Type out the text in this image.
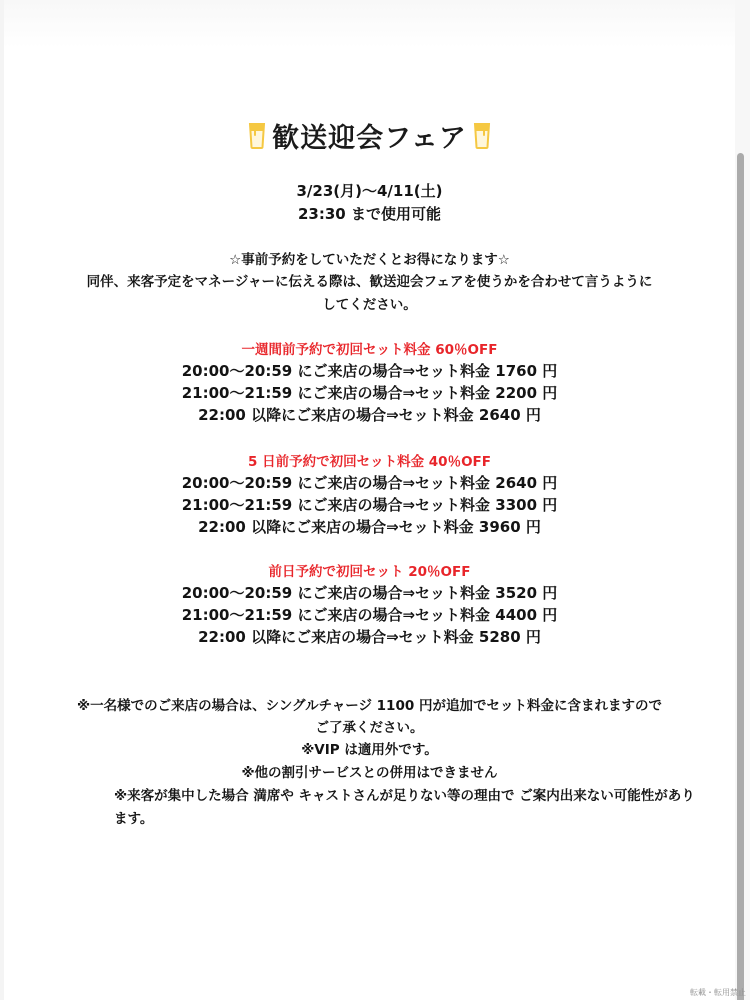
歓送迎会フェア
3/23(月)〜4/11(土)
23:30 まで使用可能
☆事前予約をしていただくとお得になります☆
同伴、来客予定をマネージャーに伝える際は、歓送迎会フェアを使うかを合わせて言うように
してください。
一週間前予約で初回セット料金 60％OFF
20:00〜20:59 にご来店の場合⇒セット料金 1760 円
21:00〜21:59 にご来店の場合⇒セット料金 2200 円
22:00 以降にご来店の場合⇒セット料金 2640 円
5 日前予約で初回セット料金 40％OFF
20:00〜20:59 にご来店の場合⇒セット料金 2640 円
21:00〜21:59 にご来店の場合⇒セット料金 3300 円
22:00 以降にご来店の場合⇒セット料金 3960 円
前日予約で初回セット 20％OFF
20:00〜20:59 にご来店の場合⇒セット料金 3520 円
21:00〜21:59 にご来店の場合⇒セット料金 4400 円
22:00 以降にご来店の場合⇒セット料金 5280 円
※一名様でのご来店の場合は、シングルチャージ 1100 円が追加でセット料金に含まれますので
ご了承ください。
※VIP は適用外です。
※他の割引サービスとの併用はできません
※来客が集中した場合 満席や キャストさんが足りない等の理由で ご案内出来ない可能性があり
ます。
転載・転用禁止
